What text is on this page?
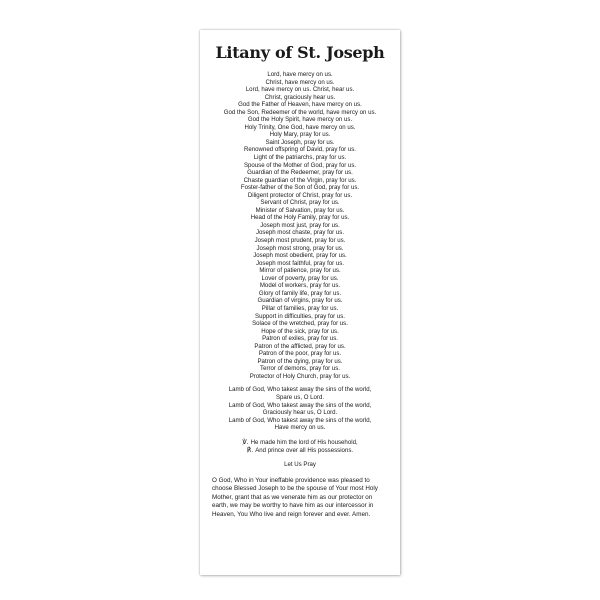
Litany of St. Joseph
Lord, have mercy on us.
Christ, have mercy on us.
Lord, have mercy on us. Christ, hear us.
Christ, graciously hear us.
God the Father of Heaven, have mercy on us.
God the Son, Redeemer of the world, have mercy on us.
God the Holy Spirit, have mercy on us.
Holy Trinity, One God, have mercy on us.
Holy Mary, pray for us.
Saint Joseph, pray for us.
Renowned offspring of David, pray for us.
Light of the patriarchs, pray for us.
Spouse of the Mother of God, pray for us.
Guardian of the Redeemer, pray for us.
Chaste guardian of the Virgin, pray for us.
Foster-father of the Son of God, pray for us.
Diligent protector of Christ, pray for us.
Servant of Christ, pray for us.
Minister of Salvation, pray for us.
Head of the Holy Family, pray for us.
Joseph most just, pray for us.
Joseph most chaste, pray for us.
Joseph most prudent, pray for us.
Joseph most strong, pray for us.
Joseph most obedient, pray for us.
Joseph most faithful, pray for us.
Mirror of patience, pray for us.
Lover of poverty, pray for us.
Model of workers, pray for us.
Glory of family life, pray for us.
Guardian of virgins, pray for us.
Pillar of families, pray for us.
Support in difficulties, pray for us.
Solace of the wretched, pray for us.
Hope of the sick, pray for us.
Patron of exiles, pray for us.
Patron of the afflicted, pray for us.
Patron of the poor, pray for us.
Patron of the dying, pray for us.
Terror of demons, pray for us.
Protector of Holy Church, pray for us.
Lamb of God, Who takest away the sins of the world,
Spare us, O Lord.
Lamb of God, Who takest away the sins of the world,
Graciously hear us, O Lord.
Lamb of God, Who takest away the sins of the world,
Have mercy on us.
℣. He made him the lord of His household,
℟. And prince over all His possessions.
Let Us Pray
O God, Who in Your ineffable providence was pleased to
choose Blessed Joseph to be the spouse of Your most Holy
Mother, grant that as we venerate him as our protector on
earth, we may be worthy to have him as our intercessor in
Heaven, You Who live and reign forever and ever. Amen.
